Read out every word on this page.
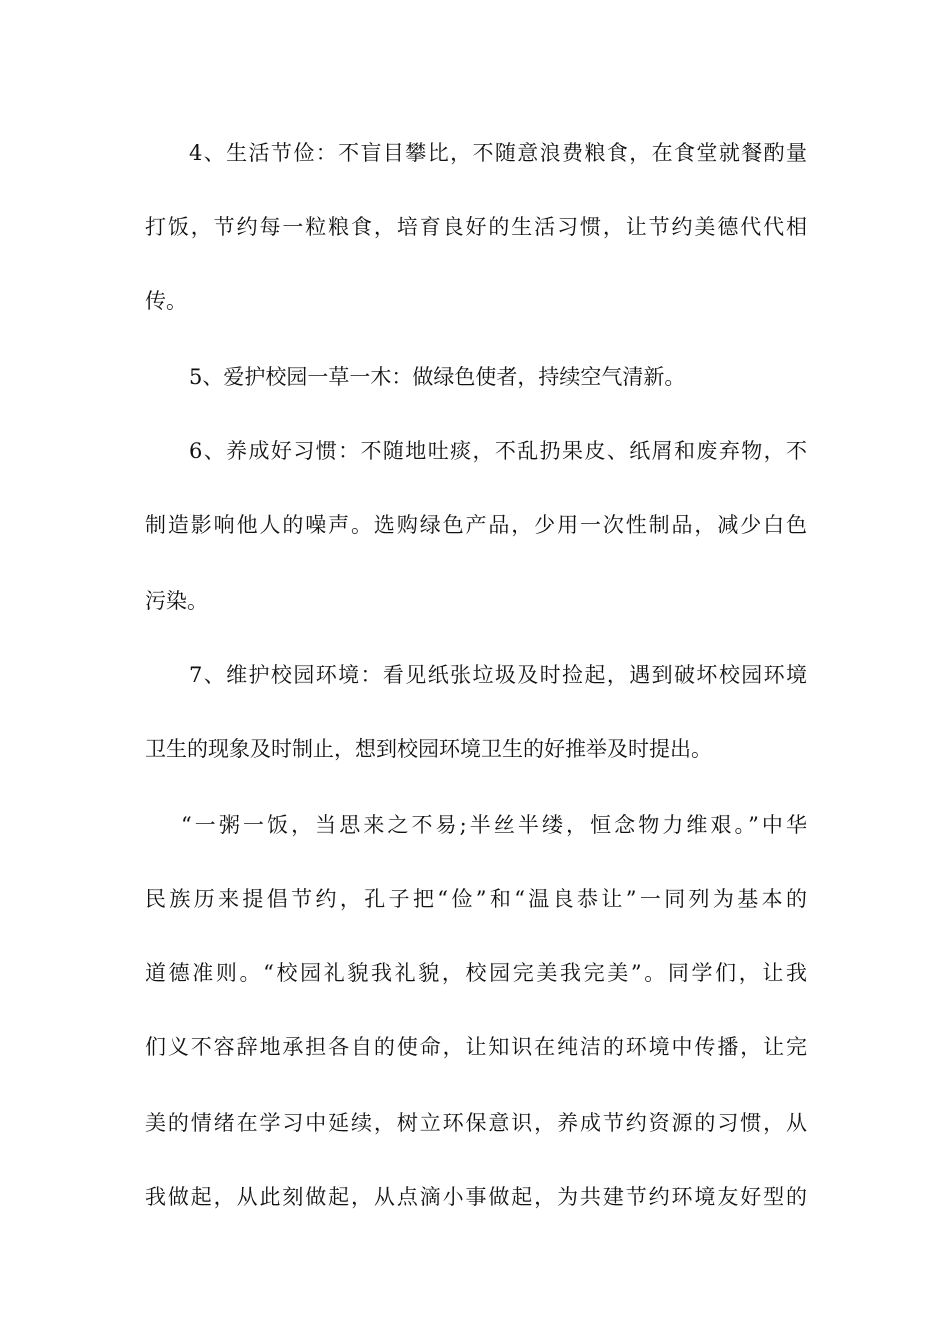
4、生活节俭：不盲目攀比，不随意浪费粮食，在食堂就餐酌量
打饭，节约每一粒粮食，培育良好的生活习惯，让节约美德代代相
传。
5、爱护校园一草一木：做绿色使者，持续空气清新。
6、养成好习惯：不随地吐痰，不乱扔果皮、纸屑和废弃物，不
制造影响他人的噪声。选购绿色产品，少用一次性制品，减少白色
污染。
7、维护校园环境：看见纸张垃圾及时捡起，遇到破坏校园环境
卫生的现象及时制止，想到校园环境卫生的好推举及时提出。
“一粥一饭，当思来之不易;半丝半缕，恒念物力维艰。”中华
民族历来提倡节约，孔子把“俭”和“温良恭让”一同列为基本的
道德准则。“校园礼貌我礼貌，校园完美我完美”。同学们，让我
们义不容辞地承担各自的使命，让知识在纯洁的环境中传播，让完
美的情绪在学习中延续，树立环保意识，养成节约资源的习惯，从
我做起，从此刻做起，从点滴小事做起，为共建节约环境友好型的
